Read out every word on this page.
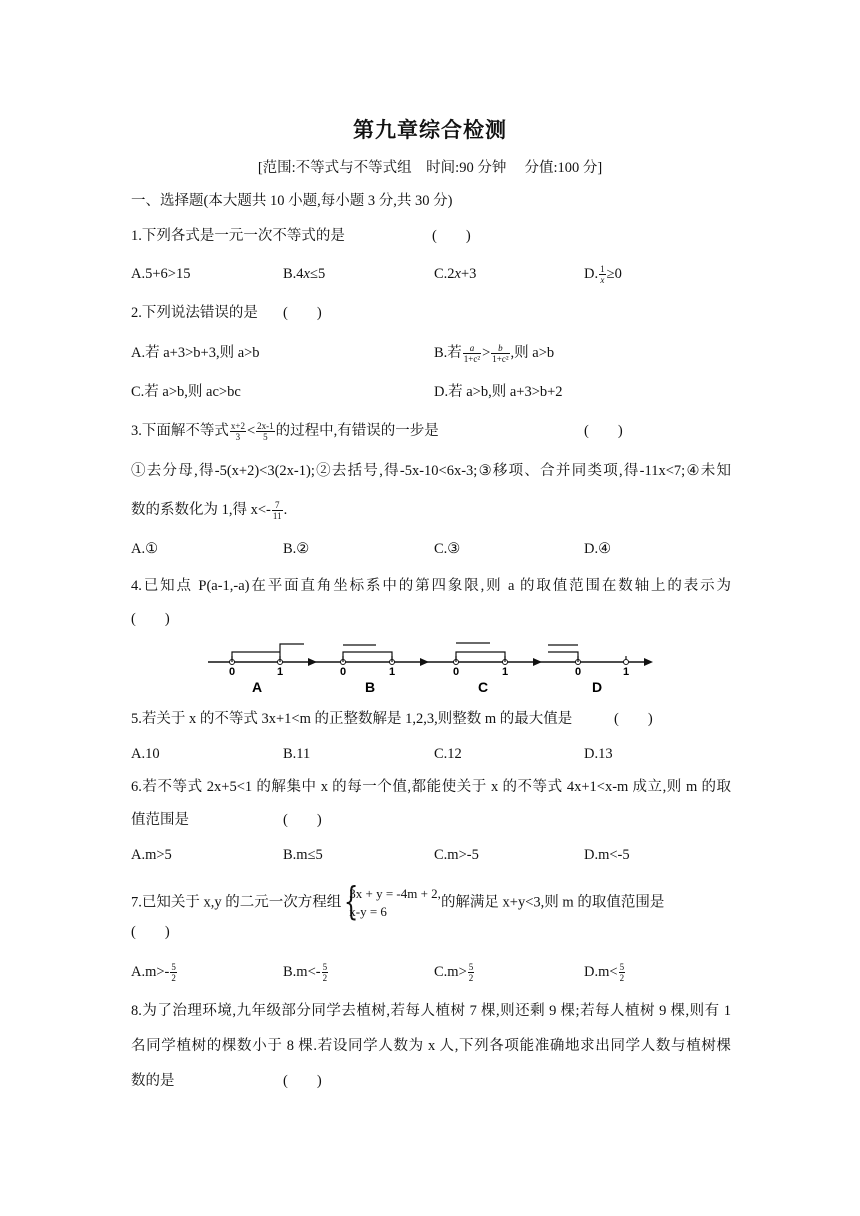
第九章综合检测
[范围:不等式与不等式组    时间:90 分钟     分值:100 分]
一、选择题(本大题共 10 小题,每小题 3 分,共 30 分)
1.下列各式是一元一次不等式的是	(        )
A.5+6>15	B.4x≤5	C.2x+3	D. $\frac{1}{x} \ge 0$
2.下列说法错误的是 (        )
A.若 a+3>b+3,则 a>b	B.若 $\frac{a}{\text{1+c²}} > \frac{b}{\text{1+c²}}$ ,则 a>b
C.若 a>b,则 ac>bc	D.若 a>b,则 a+3>b+2
3.下面解不等式 $\frac{x+2}{3} < \frac{2x-1}{5}$ 的过程中,有错误的一步是	(        )
①去分母,得-5(x+2)<3(2x-1);②去括号,得-5x-10<6x-3;③移项、合并同类项,得-11x<7;④未知
数的系数化为 1,得 $x<- \frac{7}{11}$ .
A.①	B.②	C.③	D.④
4.已知点 P(a-1,-a)在平面直角坐标系中的第四象限,则 a 的取值范围在数轴上的表示为
(        )
0	1
A
0	1
B
0	1
C
0	1
D
5.若关于 x 的不等式 3x+1<m 的正整数解是 1,2,3,则整数 m 的最大值是	(        )
A.10	B.11	C.12	D.13
6.若不等式 2x+5<1 的解集中 x 的每一个值,都能使关于 x 的不等式 4x+1<x-m 成立,则 m 的取
值范围是	(        )
A.m>5	B.m≤5	C.m>-5	D.m<-5
7.已知关于 x,y 的二元一次方程组 {
3x + y = -4m + 2,
x-y = 6
的解满足 x+y<3,则 m 的取值范围是
(        )
$A.m>- \frac{5}{2}$	$B.m<- \frac{5}{2}$	$C.m> \frac{5}{2}$	$D.m< \frac{5}{2}$
8.为了治理环境,九年级部分同学去植树,若每人植树 7 棵,则还剩 9 棵;若每人植树 9 棵,则有 1
名同学植树的棵数小于 8 棵.若设同学人数为 x 人,下列各项能准确地求出同学人数与植树棵
数的是	(        )
